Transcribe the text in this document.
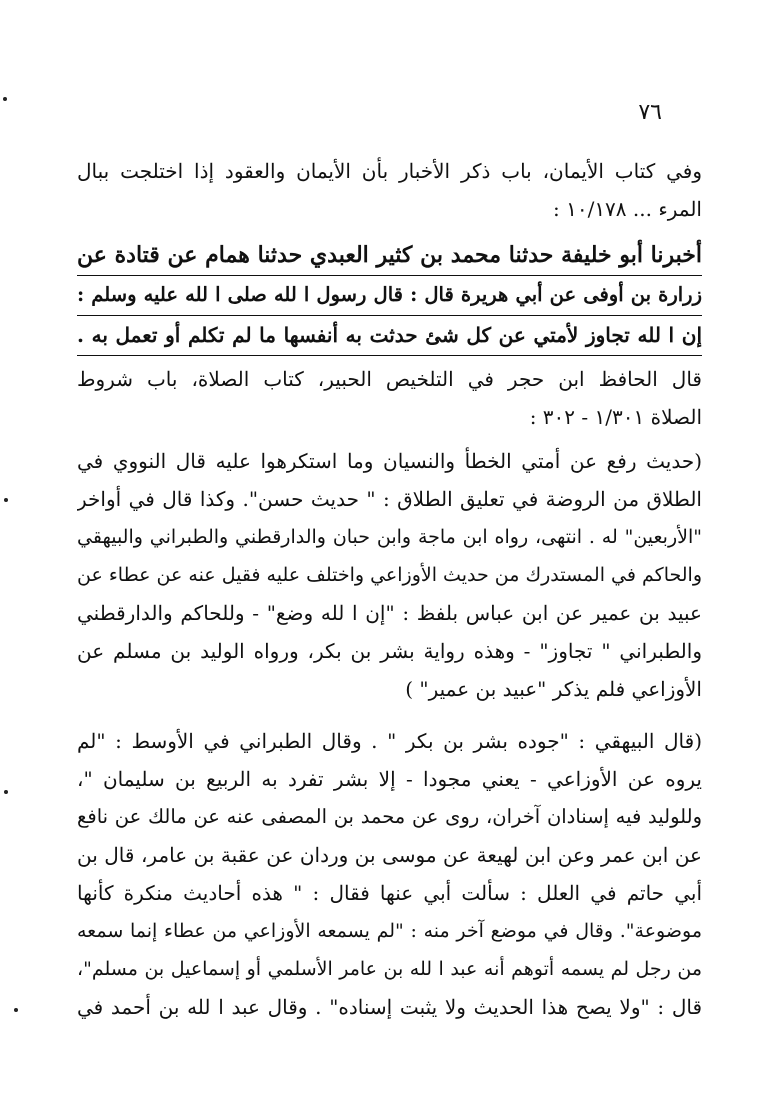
٧٦
وفي كتاب الأيمان، باب ذكر الأخبار بأن الأيمان والعقود إذا اختلجت ببال
المرء ... ١٠/١٧٨ :
أخبرنا أبو خليفة حدثنا محمد بن كثير العبدي حدثنا همام عن قتادة عن
زرارة بن أوفى عن أبي هريرة قال : قال رسول ا لله صلى ا لله عليه وسلم :
إن ا لله تجاوز لأمتي عن كل شئ حدثت به أنفسها ما لم تكلم أو تعمل به .
قال الحافظ ابن حجر في التلخيص الحبير، كتاب الصلاة، باب شروط
الصلاة ١/٣٠١ - ٣٠٢ :
(حديث رفع عن أمتي الخطأ والنسيان وما استكرهوا عليه قال النووي في
الطلاق من الروضة في تعليق الطلاق : " حديث حسن". وكذا قال في أواخر
"الأربعين" له . انتهى، رواه ابن ماجة وابن حبان والدارقطني والطبراني والبيهقي
والحاكم في المستدرك من حديث الأوزاعي واختلف عليه فقيل عنه عن عطاء عن
عبيد بن عمير عن ابن عباس بلفظ : "إن ا لله وضع" - وللحاكم والدارقطني
والطبراني " تجاوز" - وهذه رواية بشر بن بكر، ورواه الوليد بن مسلم عن
الأوزاعي فلم يذكر "عبيد بن عمير" )
(قال البيهقي : "جوده بشر بن بكر " . وقال الطبراني في الأوسط : "لم
يروه عن الأوزاعي - يعني مجودا - إلا بشر تفرد به الربيع بن سليمان "،
وللوليد فيه إسنادان آخران، روى عن محمد بن المصفى عنه عن مالك عن نافع
عن ابن عمر وعن ابن لهيعة عن موسى بن وردان عن عقبة بن عامر، قال بن
أبي حاتم في العلل : سألت أبي عنها فقال : " هذه أحاديث منكرة كأنها
موضوعة". وقال في موضع آخر منه : "لم يسمعه الأوزاعي من عطاء إنما سمعه
من رجل لم يسمه أتوهم أنه عبد ا لله بن عامر الأسلمي أو إسماعيل بن مسلم"،
قال : "ولا يصح هذا الحديث ولا يثبت إسناده" . وقال عبد ا لله بن أحمد في
